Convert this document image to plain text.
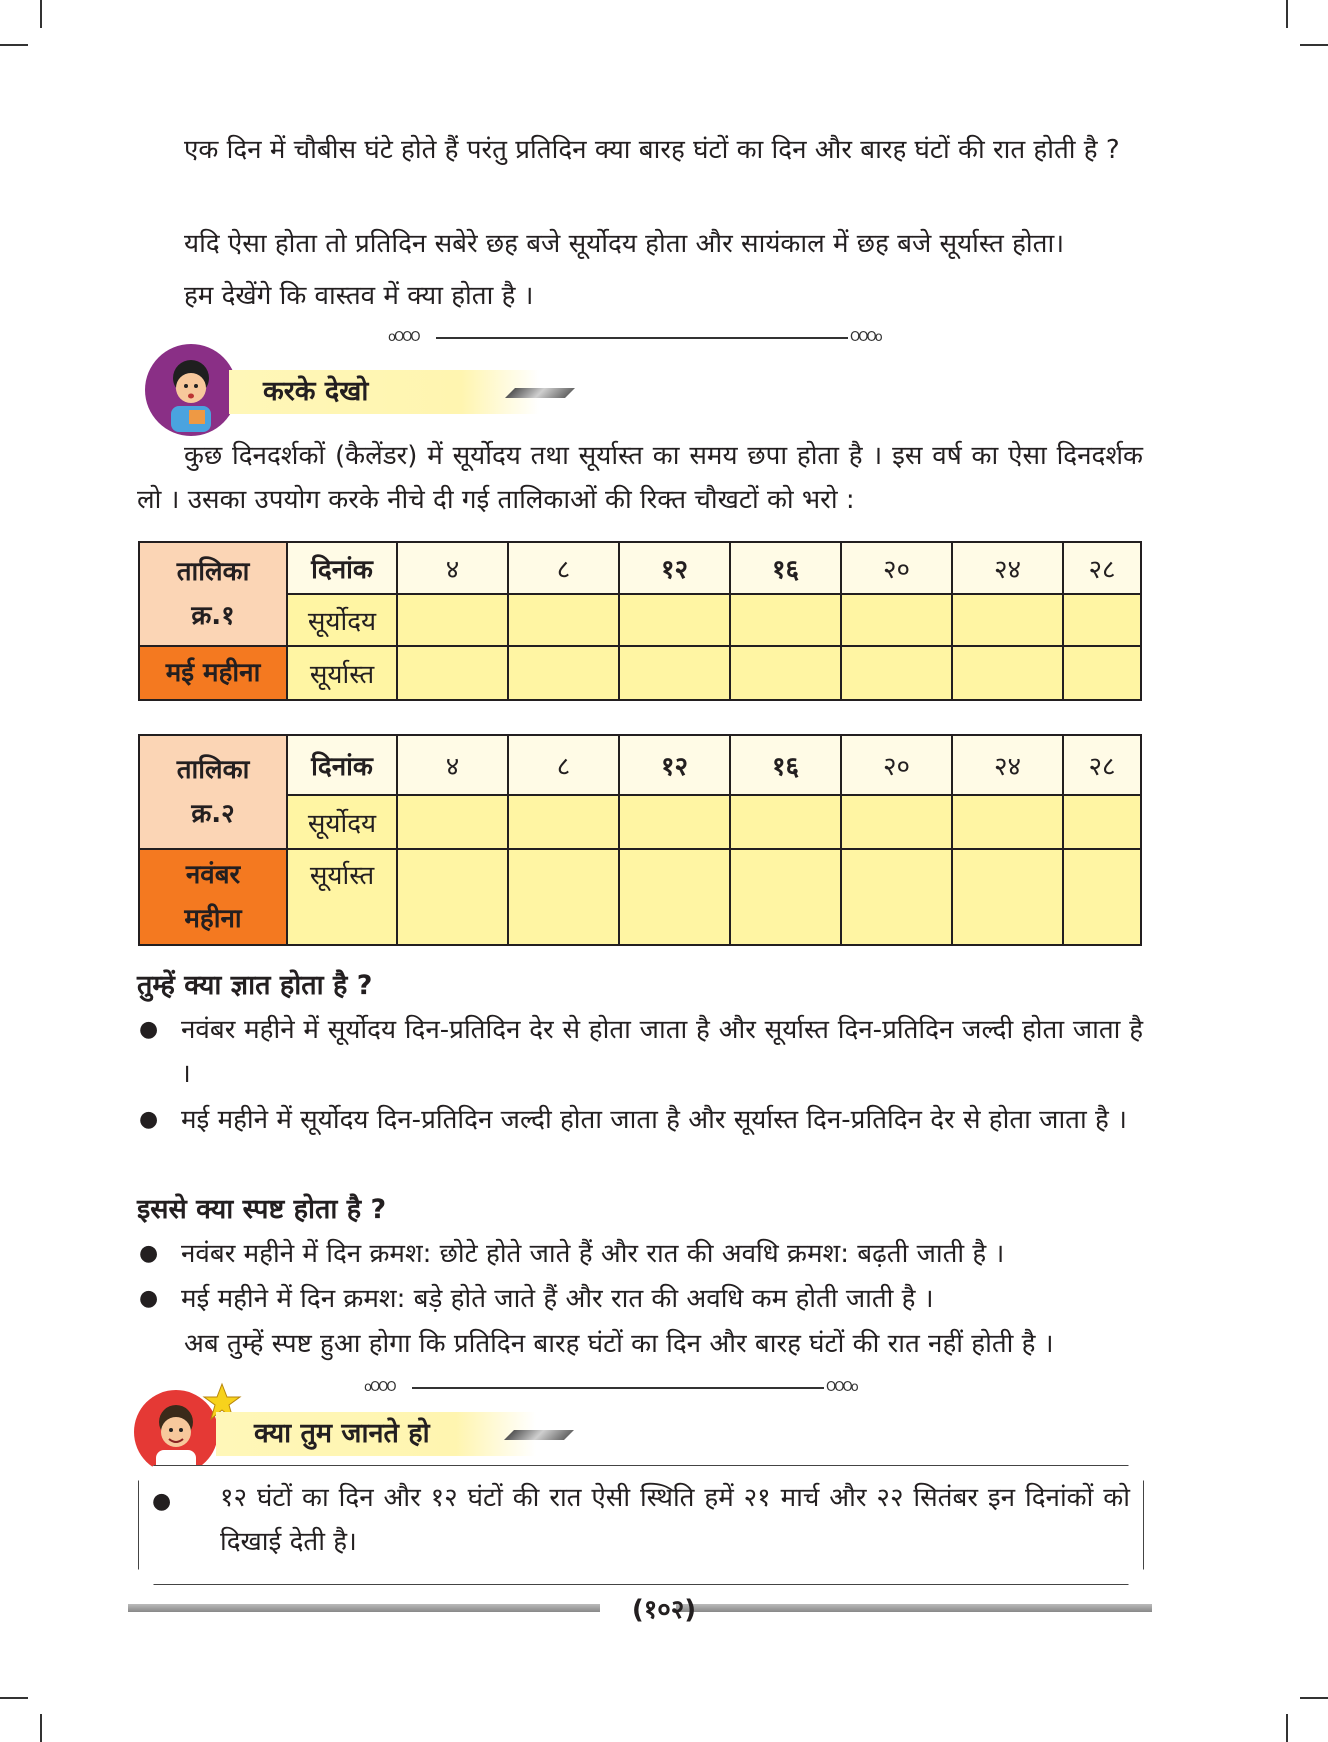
एक दिन में चौबीस घंटे होते हैं परंतु प्रतिदिन क्या बारह घंटों का दिन और बारह घंटों की रात होती है ?

यदि ऐसा होता तो प्रतिदिन सबेरे छह बजे सूर्योदय होता और सायंकाल में छह बजे सूर्यास्त होता।

हम देखेंगे कि वास्तव में क्या होता है ।

oOOO	OOOo
करके देखो

कुछ दिनदर्शकों (कैलेंडर) में सूर्योदय तथा सूर्यास्त का समय छपा होता है । इस वर्ष का ऐसा दिनदर्शक लो । उसका उपयोग करके नीचे दी गई तालिकाओं की रिक्त चौखटों को भरो :

तालिका
क्र.१	दिनांक	४	८	१२	१६	२०	२४	२८
	सूर्योदय							
मई महीना	सूर्यास्त							
तालिका
क्र.२	दिनांक	४	८	१२	१६	२०	२४	२८
	सूर्योदय							

नवंबर
महीना	सूर्यास्त							
तुम्हें क्या ज्ञात होता है ?
● नवंबर महीने में सूर्योदय दिन-प्रतिदिन देर से होता जाता है और सूर्यास्त दिन-प्रतिदिन जल्दी होता जाता है ।
● मई महीने में सूर्योदय दिन-प्रतिदिन जल्दी होता जाता है और सूर्यास्त दिन-प्रतिदिन देर से होता जाता है ।
इससे क्या स्पष्ट होता है ?
● नवंबर महीने में दिन क्रमश: छोटे होते जाते हैं और रात की अवधि क्रमश: बढ़ती जाती है ।
● मई महीने में दिन क्रमश: बड़े होते जाते हैं और रात की अवधि कम होती जाती है ।

अब तुम्हें स्पष्ट हुआ होगा कि प्रतिदिन बारह घंटों का दिन और बारह घंटों की रात नहीं होती है ।

oOOO	OOOo
क्या तुम जानते हो
● १२ घंटों का दिन और १२ घंटों की रात ऐसी स्थिति हमें २१ मार्च और २२ सितंबर इन दिनांकों को दिखाई देती है।
(१०२)
